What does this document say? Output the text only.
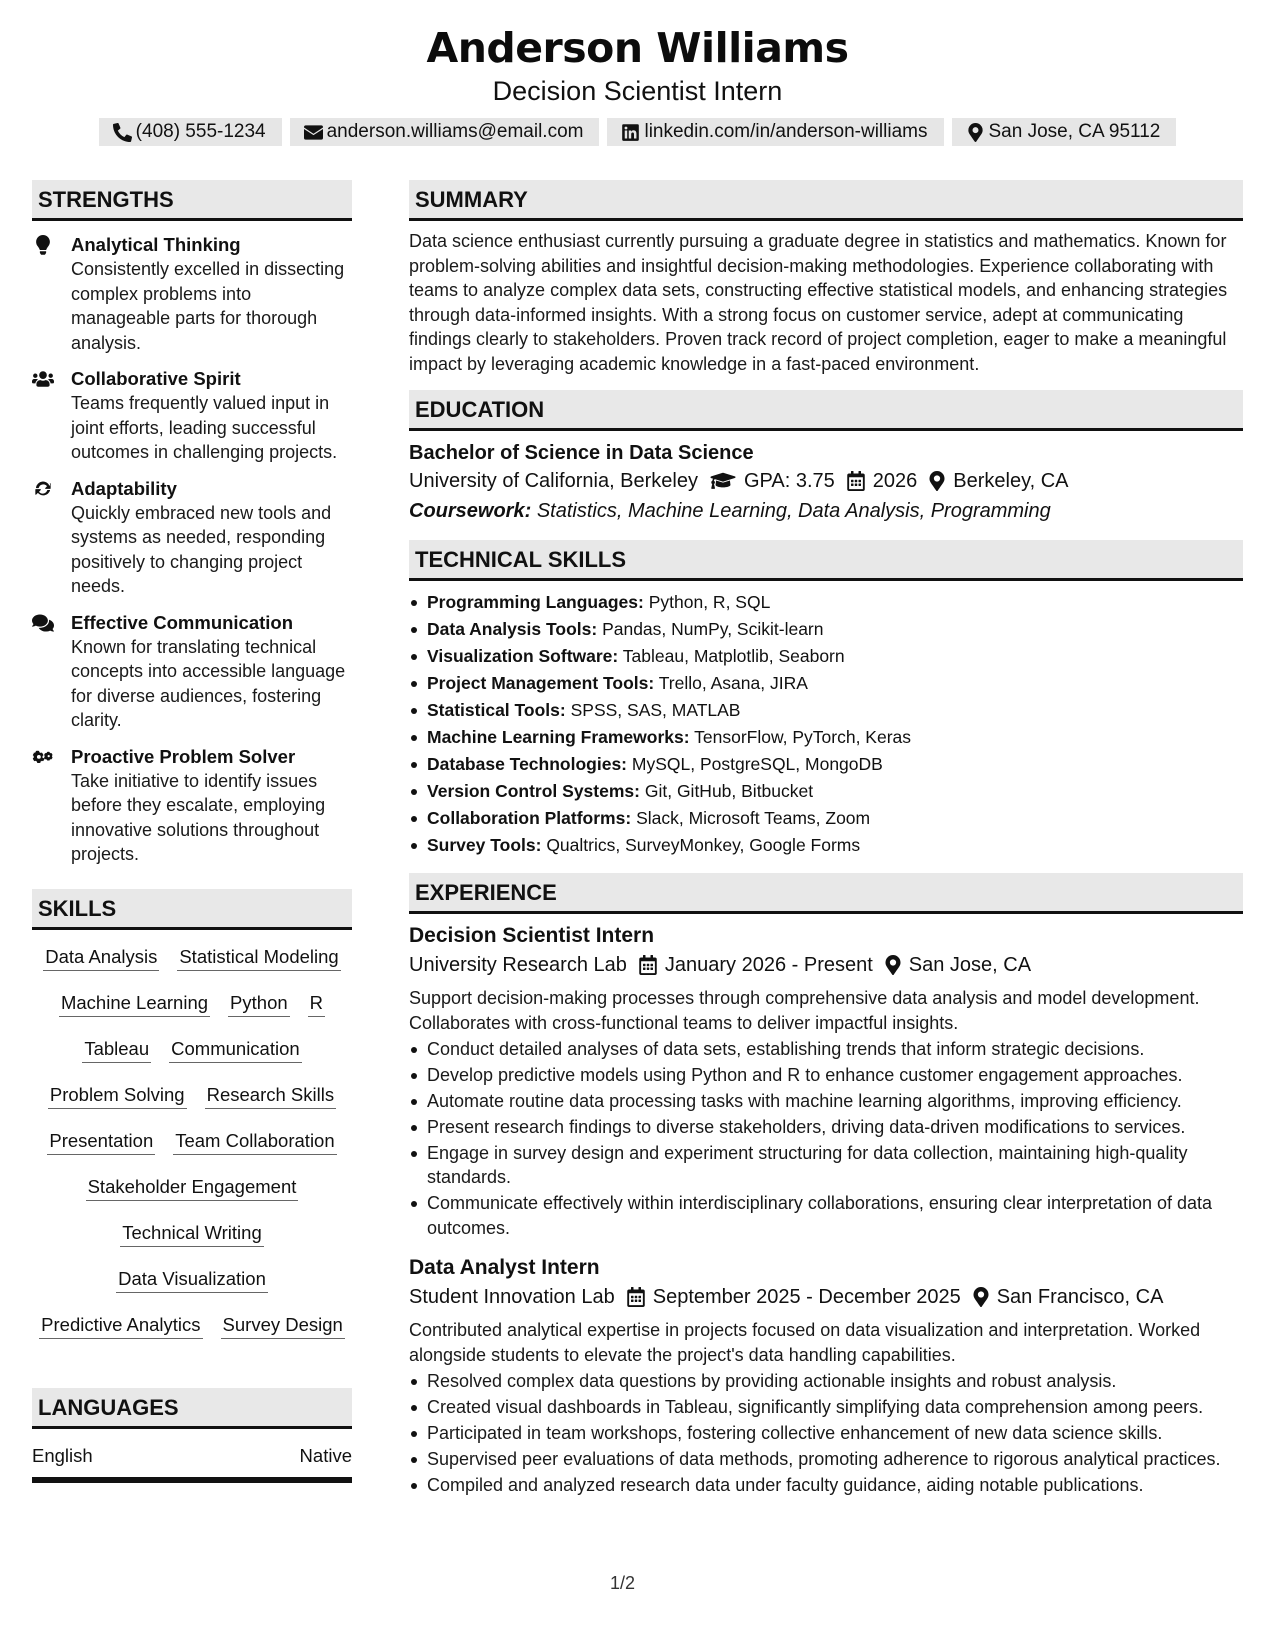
Anderson Williams
Decision Scientist Intern
(408) 555-1234	anderson.williams@email.com	linkedin.com/in/anderson-williams	San Jose, CA 95112
STRENGTHS
Analytical Thinking
Consistently excelled in dissecting complex problems into manageable parts for thorough analysis.
Collaborative Spirit
Teams frequently valued input in joint efforts, leading successful outcomes in challenging projects.
Adaptability
Quickly embraced new tools and systems as needed, responding positively to changing project needs.
Effective Communication
Known for translating technical concepts into accessible language for diverse audiences, fostering clarity.
Proactive Problem Solver
Take initiative to identify issues before they escalate, employing innovative solutions throughout projects.
SKILLS
Data Analysis Statistical Modeling
Machine Learning Python R
Tableau Communication
Problem Solving Research Skills
Presentation Team Collaboration
Stakeholder Engagement
Technical Writing
Data Visualization
Predictive Analytics Survey Design
LANGUAGES
English	Native
SUMMARY
Data science enthusiast currently pursuing a graduate degree in statistics and mathematics. Known for problem-solving abilities and insightful decision-making methodologies. Experience collaborating with teams to analyze complex data sets, constructing effective statistical models, and enhancing strategies through data-informed insights. With a strong focus on customer service, adept at communicating findings clearly to stakeholders. Proven track record of project completion, eager to make a meaningful impact by leveraging academic knowledge in a fast-paced environment.
EDUCATION
Bachelor of Science in Data Science
University of California, Berkeley GPA: 3.75 2026 Berkeley, CA
Coursework: Statistics, Machine Learning, Data Analysis, Programming
TECHNICAL SKILLS
Programming Languages: Python, R, SQL
Data Analysis Tools: Pandas, NumPy, Scikit-learn
Visualization Software: Tableau, Matplotlib, Seaborn
Project Management Tools: Trello, Asana, JIRA
Statistical Tools: SPSS, SAS, MATLAB
Machine Learning Frameworks: TensorFlow, PyTorch, Keras
Database Technologies: MySQL, PostgreSQL, MongoDB
Version Control Systems: Git, GitHub, Bitbucket
Collaboration Platforms: Slack, Microsoft Teams, Zoom
Survey Tools: Qualtrics, SurveyMonkey, Google Forms
EXPERIENCE
Decision Scientist Intern
University Research Lab January 2026 - Present San Jose, CA
Support decision-making processes through comprehensive data analysis and model development. Collaborates with cross-functional teams to deliver impactful insights.
Conduct detailed analyses of data sets, establishing trends that inform strategic decisions.
Develop predictive models using Python and R to enhance customer engagement approaches.
Automate routine data processing tasks with machine learning algorithms, improving efficiency.
Present research findings to diverse stakeholders, driving data-driven modifications to services.
Engage in survey design and experiment structuring for data collection, maintaining high-quality standards.
Communicate effectively within interdisciplinary collaborations, ensuring clear interpretation of data outcomes.
Data Analyst Intern
Student Innovation Lab September 2025 - December 2025 San Francisco, CA
Contributed analytical expertise in projects focused on data visualization and interpretation. Worked alongside students to elevate the project's data handling capabilities.
Resolved complex data questions by providing actionable insights and robust analysis.
Created visual dashboards in Tableau, significantly simplifying data comprehension among peers.
Participated in team workshops, fostering collective enhancement of new data science skills.
Supervised peer evaluations of data methods, promoting adherence to rigorous analytical practices.
Compiled and analyzed research data under faculty guidance, aiding notable publications.
1/2
